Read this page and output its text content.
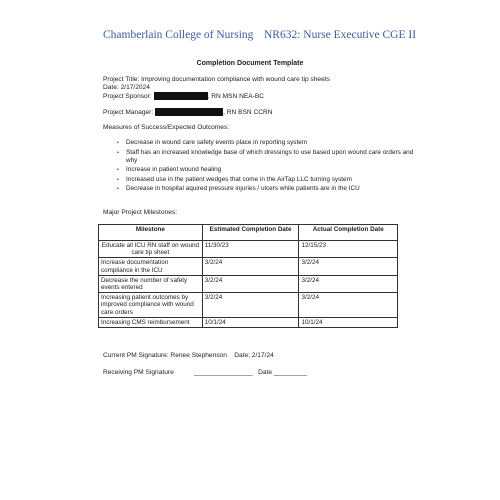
Chamberlain College of Nursing NR632: Nurse Executive CGE II
Completion Document Template
Project Title: Improving documentation compliance with wound care tip sheets
Date: 2/17/2024
Project Sponsor:	, RN MSN NEA-BC
Project Manager:	, RN BSN CCRN
Measures of Success/Expected Outcomes:
• Decrease in wound care safety events place in reporting system
• Staff has an increased knowledge base of which dressings to use based upon wound care orders and why
• Increase in patient wound healing
• Increased use in the patient wedges that come in the AirTap LLC turning system
• Decrease in hospital aquired pressure injuries / ulcers while patients are in the ICU
Major Project Milestones:
Milestone	Estimated Completion Date	Actual Completion Date
Educate all ICU RN staff on wound care tip sheet	11/30/23	12/15/23
Increase documentation compliance in the ICU	3/2/24	3/2/24
Decrease the number of safety events entered	3/2/24	3/2/24
Increasing patient outcomes by improved compliance with wound care orders	3/2/24	3/2/24
Increasing CMS reimbursement	10/1/24	10/1/24
Current PM Signature: Renee Stephenson Date: 2/17/24
Receiving PM Signature	________________ Date _________
